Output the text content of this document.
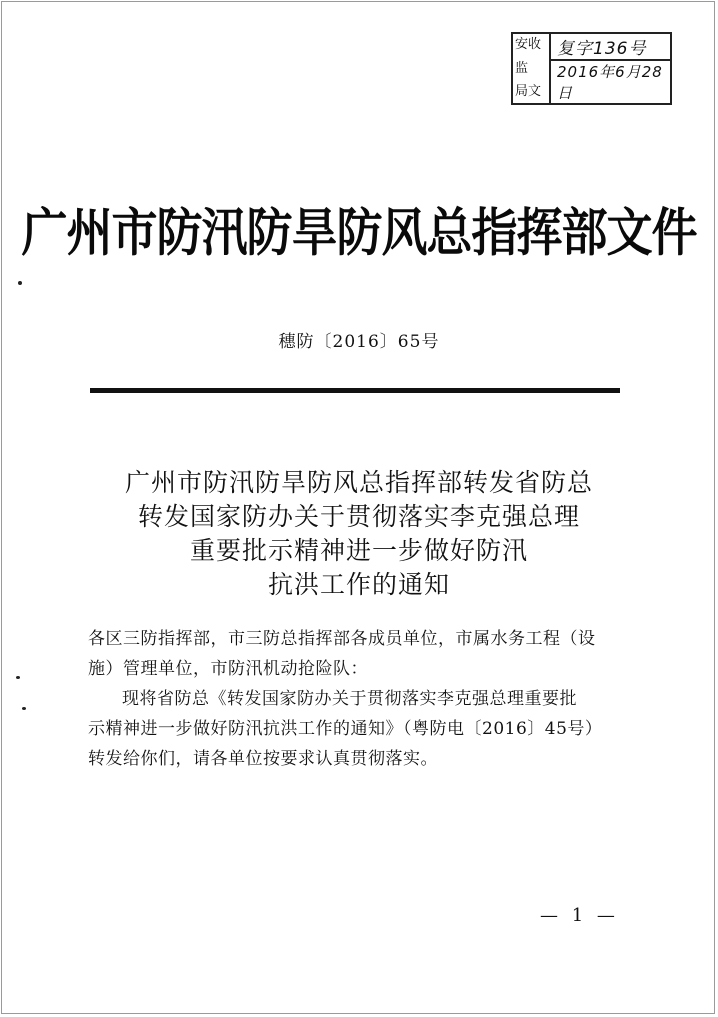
安收
监
局文
复字136号
2016年6月28日
广州市防汛防旱防风总指挥部文件
穗防〔2016〕65号
广州市防汛防旱防风总指挥部转发省防总
转发国家防办关于贯彻落实李克强总理
重要批示精神进一步做好防汛
抗洪工作的通知
各区三防指挥部，市三防总指挥部各成员单位，市属水务工程（设
施）管理单位，市防汛机动抢险队：
现将省防总《转发国家防办关于贯彻落实李克强总理重要批
示精神进一步做好防汛抗洪工作的通知》（粤防电〔2016〕45号）
转发给你们，请各单位按要求认真贯彻落实。
— 1 —
